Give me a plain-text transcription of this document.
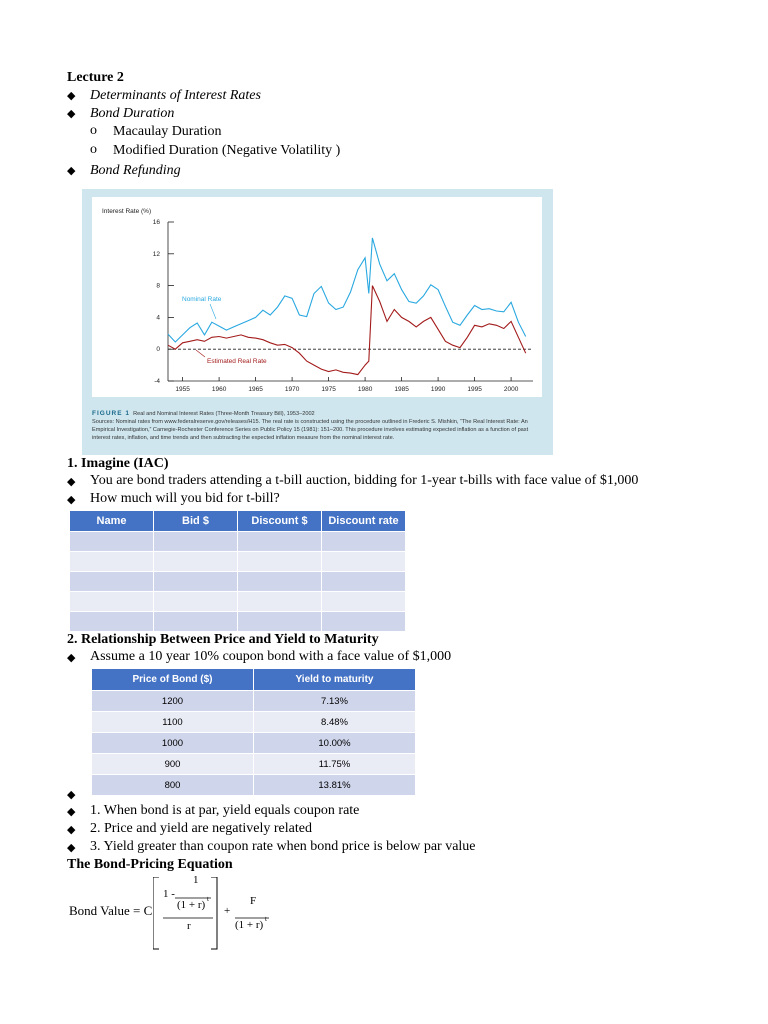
Lecture 2
◆ Determinants of Interest Rates
◆ Bond Duration
o Macaulay Duration
o Modified Duration (Negative Volatility )
◆ Bond Refunding
Interest Rate (%)
16
12
8
4
0
-4
1955	1960	1965	1970	1975	1980	1985	1990	1995	2000
Nominal Rate
Estimated Real Rate
FIGURE 1 Real and Nominal Interest Rates (Three-Month Treasury Bill), 1953–2002
Sources: Nominal rates from www.federalreserve.gov/releases/H15. The real rate is constructed using the procedure outlined in Frederic S. Mishkin, “The Real Interest Rate: An Empirical Investigation,” Carnegie-Rochester Conference Series on Public Policy 15 (1981): 151–200. This procedure involves estimating expected inflation as a function of past interest rates, inflation, and time trends and then subtracting the expected inflation measure from the nominal interest rate.
1. Imagine (IAC)
◆ You are bond traders attending a t-bill auction, bidding for 1-year t-bills with face value of $1,000
◆ How much will you bid for t-bill?
Name	Bid $	Discount $	Discount rate

2. Relationship Between Price and Yield to Maturity
◆ Assume a 10 year 10% coupon bond with a face value of $1,000
Price of Bond ($)	Yield to maturity
1200	7.13%
1100	8.48%
1000	10.00%
900	11.75%
800	13.81%
◆
◆ 1. When bond is at par, yield equals coupon rate
◆ 2. Price and yield are negatively related
◆ 3. Yield greater than coupon rate when bond price is below par value
The Bond-Pricing Equation
Bond Value = C
1 -
1
(1 + r) t
r
+
F
(1 + r) t
